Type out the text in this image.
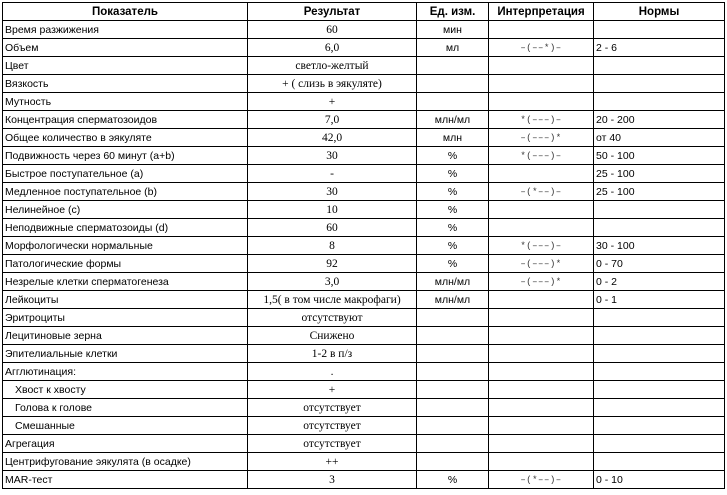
Показатель	Результат	Ед. изм.	Интерпретация	Нормы
Время разжижения	60	мин		
Объем	6,0	мл	–(––*)–	2 - 6
Цвет	светло-желтый			
Вязкость	+ ( слизь в эякуляте)			
Мутность	+			
Концентрация сперматозоидов	7,0	млн/мл	*(–––)–	20 - 200
Общее количество в эякуляте	42,0	млн	–(–––)*	от 40
Подвижность через 60 минут (a+b)	30	%	*(–––)–	50 - 100
Быстрое поступательное (a)	-	%		25 - 100
Медленное поступательное (b)	30	%	–(*––)–	25 - 100
Нелинейное (c)	10	%		
Неподвижные сперматозоиды (d)	60	%		
Морфологически нормальные	8	%	*(–––)–	30 - 100
Патологические формы	92	%	–(–––)*	0 - 70
Незрелые клетки сперматогенеза	3,0	млн/мл	–(–––)*	0 - 2
Лейкоциты	1,5( в том числе макрофаги)	млн/мл		0 - 1
Эритроциты	отсутствуют			
Лецитиновые зерна	Снижено			
Эпителиальные клетки	1-2 в п/з			
Агглютинация:	.			
Хвост к хвосту	+			
Голова к голове	отсутствует			
Смешанные	отсутствует			
Агрегация	отсутствует			
Центрифугование эякулята (в осадке)	++			
MAR-тест	3	%	–(*––)–	0 - 10
